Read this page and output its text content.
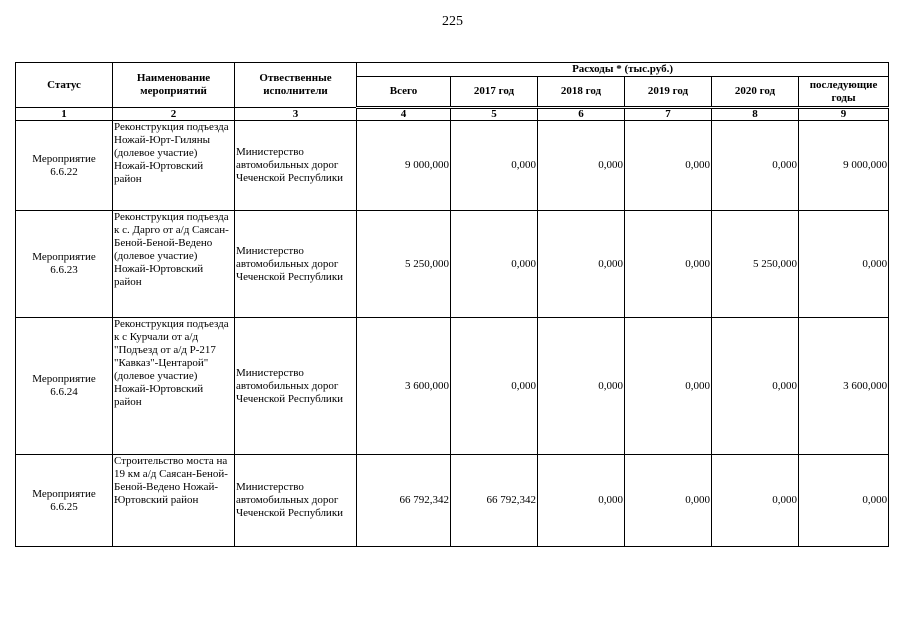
225
Статус	Наименование мероприятий	Отвественные исполнители	Расходы * (тыс.руб.)					
			Всего	2017 год	2018 год	2019 год	2020 год	последующие годы
1	2	3	4	5	6	7	8	9
Мероприятие 6.6.22	Реконструкция подъезда Ножай-Юрт-Гиляны (долевое участие) Ножай-Юртовский район	Министерство автомобильных дорог Чеченской Республики	9 000,000	0,000	0,000	0,000	0,000	9 000,000
Мероприятие 6.6.23	Реконструкция подъезда к с. Дарго от а/д Саясан-Беной-Беной-Ведено (долевое участие) Ножай-Юртовский район	Министерство автомобильных дорог Чеченской Республики	5 250,000	0,000	0,000	0,000	5 250,000	0,000
Мероприятие 6.6.24	Реконструкция подъезда к с Курчали от а/д "Подъезд от а/д Р-217 "Кавказ"-Центарой" (долевое участие) Ножай-Юртовский район	Министерство автомобильных дорог Чеченской Республики	3 600,000	0,000	0,000	0,000	0,000	3 600,000
Мероприятие 6.6.25	Строительство моста на 19 км а/д Саясан-Беной-Беной-Ведено Ножай-Юртовский район	Министерство автомобильных дорог Чеченской Республики	66 792,342	66 792,342	0,000	0,000	0,000	0,000
